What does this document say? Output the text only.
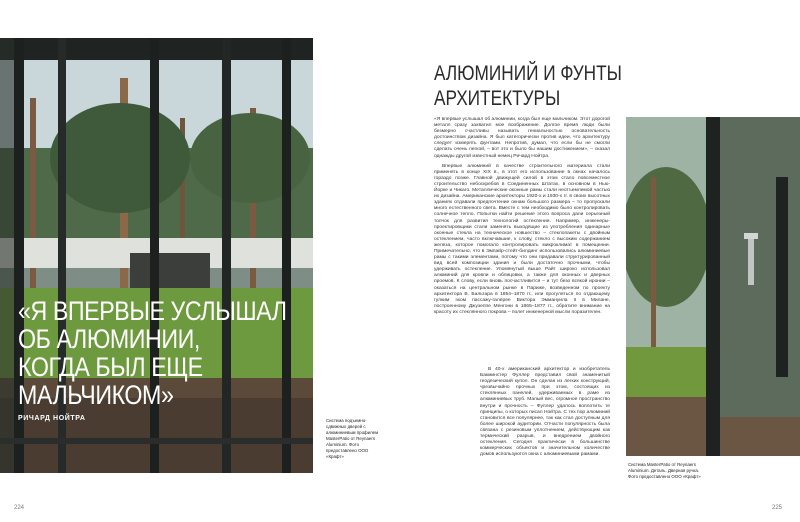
«Я ВПЕРВЫЕ УСЛЫШАЛ
ОБ АЛЮМИНИИ,
КОГДА БЫЛ ЕЩЕ
МАЛЬЧИКОМ»
РИЧАРД НОЙТРА	Система подъемно-сдвижных дверей с алюминиевым профилем MasterPatio от Reynaers Aluminium. Фото предоставлено ООО «Крафт»
АЛЮМИНИЙ И ФУНТЫ
АРХИТЕКТУРЫ

«Я впервые услышал об алюминии, когда был еще мальчиком. Этот дорогой металл сразу захватил мое воображение. Долгое время люди были безмерно счастливы называть гениальностью основательность достоинством дизайна. Я был категорически против идеи, что архитектуру следует измерять фунтами. Непротив, думал, что если бы не смогли сделать очень легкой, – вот это и было бы нашим достижением», – сказал однажды другой известный немец Ричард Нойтра.

Впервые алюминий в качестве строительного материала стали применять в конце XIX в., в этот его использование в окнах началось гораздо позже. Главной движущей силой в этом стало повсеместное строительство небоскребов в Соединенных Штатах, в основном в Нью-Йорке и Чикаго. Металлические оконные рамы стали неотъемлемой частью их дизайна. Американские архитекторы 1920-х и 1930-х гг. в своих высотных зданиях отдавали предпочтение окнам большого размера – то пропускали много естественного света. Вместе с тем необходимо было контролировать солнечное тепло. Попытки найти решение этого вопроса дали серьезный толчок для развития технологий остекления. Например, инженеры-проектировщики стали заменять выходящие из употребления одинарные оконные стекла на техническое новшество – стеклопакеты с двойным остеклением, часто включавшие, к слову, стекло с высоким содержанием железа, которое помогало контролировать микроклимат в помещении. Примечательно, что в Эмпайр-стейт-билдинг использовались алюминиевые рамы с такими элементами, потому что они придавали структурированный вид всей композиции здания и были достаточно прочными, чтобы удерживать остекление. Упомянутый выше Райт широко использовал алюминий для кровли и облицовки, а также для оконных и дверных проемов. К слову, если вновь посчастливится – и тут безо всякой иронии – оказаться на центральном рынке в Париже, возведенном по проекту архитектора В. Бальтара в 1854–1870 гг., или прогуляться по отдающему гулким эхом пассажу-галерее Виктора Эммануила II в Милане, построенному Джузеппе Менгони в 1865–1877 гг., обратите внимание на красоту их стеклянного покрова – полет инженерной мысли поразителен.

В 40-х американский архитектор и изобретатель Бакминстер Фуллер представил свой знаменитый геодезический купол. Он сделан из легких конструкций, чрезвычайно прочных при этом, состоящих из стеклянных панелей, удерживаемых в раме из алюминиевых труб. Малый вес, огромное пространство внутри и прочность – Фуллер удалось воплотить те принципы, о которых писал Нойтра. С тех пор алюминий становится все популярнее, так как стал доступным для более широкой аудитории. Отчасти популярность была связана с резиновым уплотнением, действующим как термический разрыв, и внедрением двойного остекления. Сегодня практически в большинстве коммерческих объектов и значительном количестве домов используются окна с алюминиевыми рамами.

Система MasterPatio от Reynaers Aluminium. Деталь. Дверная ручка. Фото предоставлено ООО «Крафт»
224	225
